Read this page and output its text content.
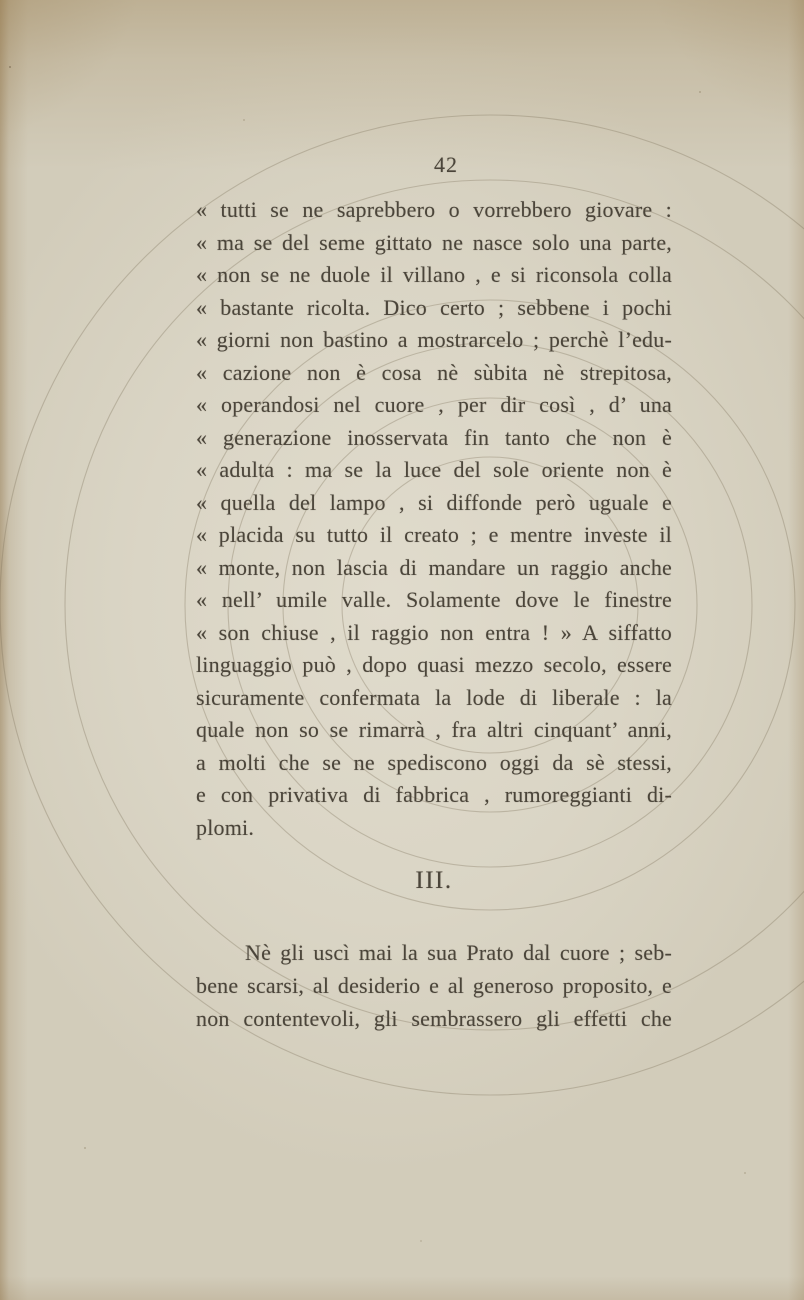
42
« tutti se ne saprebbero o vorrebbero giovare :
« ma se del seme gittato ne nasce solo una parte,
« non se ne duole il villano , e si riconsola colla
« bastante ricolta. Dico certo ; sebbene i pochi
« giorni non bastino a mostrarcelo ; perchè l’edu-
« cazione non è cosa nè sùbita nè strepitosa,
« operandosi nel cuore , per dir così , d’ una
« generazione inosservata fin tanto che non è
« adulta : ma se la luce del sole oriente non è
« quella del lampo , si diffonde però uguale e
« placida su tutto il creato ; e mentre investe il
« monte, non lascia di mandare un raggio anche
« nell’ umile valle. Solamente dove le finestre
« son chiuse , il raggio non entra ! » A siffatto
linguaggio può , dopo quasi mezzo secolo, essere
sicuramente confermata la lode di liberale : la
quale non so se rimarrà , fra altri cinquant’ anni,
a molti che se ne spediscono oggi da sè stessi,
e con privativa di fabbrica , rumoreggianti di-
plomi.
III.
Nè gli uscì mai la sua Prato dal cuore ; seb-
bene scarsi, al desiderio e al generoso proposito, e
non contentevoli, gli sembrassero gli effetti che
